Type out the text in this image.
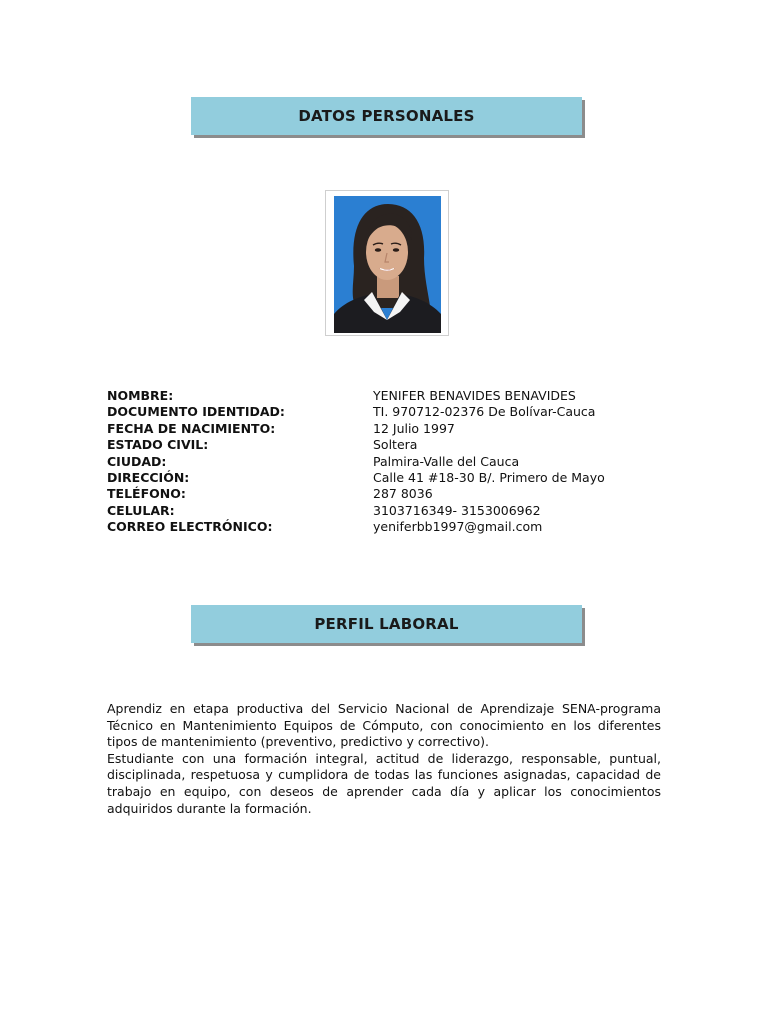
DATOS PERSONALES
NOMBRE:	YENIFER BENAVIDES BENAVIDES
DOCUMENTO IDENTIDAD:	TI. 970712-02376 De Bolívar-Cauca
FECHA DE NACIMIENTO:	12 Julio 1997
ESTADO CIVIL:	Soltera
CIUDAD:	Palmira-Valle del Cauca
DIRECCIÓN:	Calle 41 #18-30 B/. Primero de Mayo
TELÉFONO:	287 8036
CELULAR:	3103716349- 3153006962
CORREO ELECTRÓNICO:	yeniferbb1997@gmail.com
PERFIL LABORAL

Aprendiz en etapa productiva del Servicio Nacional de Aprendizaje SENA-programa Técnico en Mantenimiento Equipos de Cómputo, con conocimiento en los diferentes tipos de mantenimiento (preventivo, predictivo y correctivo).

Estudiante con una formación integral, actitud de liderazgo, responsable, puntual, disciplinada, respetuosa y cumplidora de todas las funciones asignadas, capacidad de trabajo en equipo, con deseos de aprender cada día y aplicar los conocimientos adquiridos durante la formación.
